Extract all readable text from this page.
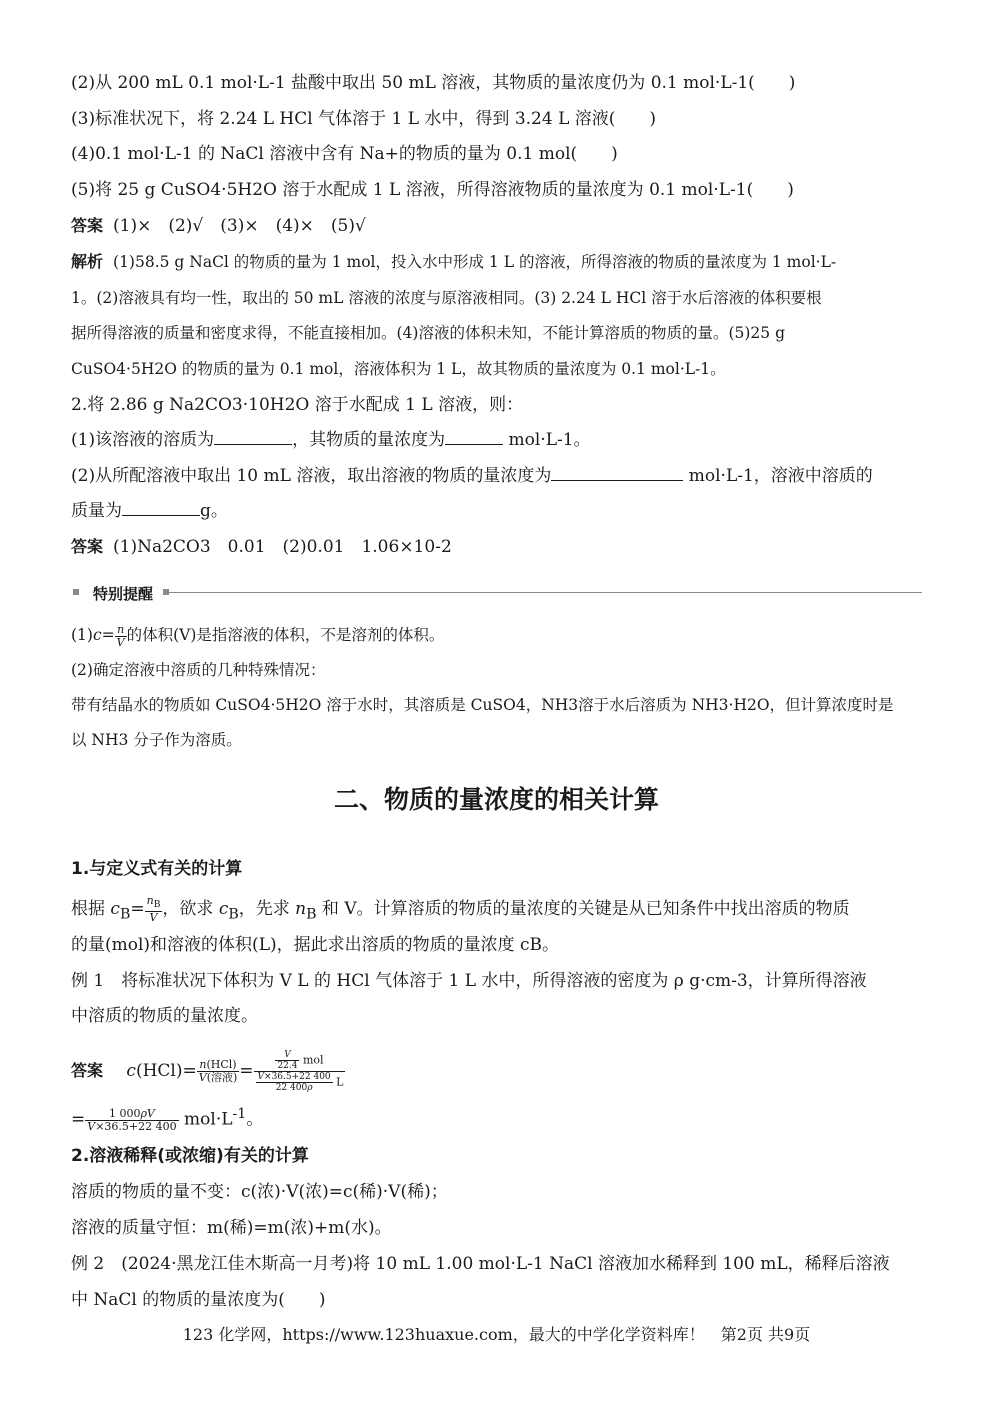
(2)从 200 mL 0.1 mol·L-1 盐酸中取出 50 mL 溶液，其物质的量浓度仍为 0.1 mol·L-1(　　)
(3)标准状况下，将 2.24 L HCl 气体溶于 1 L 水中，得到 3.24 L 溶液(　　)
(4)0.1 mol·L-1 的 NaCl 溶液中含有 Na+的物质的量为 0.1 mol(　　)
(5)将 25 g CuSO4·5H2O 溶于水配成 1 L 溶液，所得溶液物质的量浓度为 0.1 mol·L-1(　　)
答案 (1)×　(2)√　(3)×　(4)×　(5)√
解析 (1)58.5 g NaCl 的物质的量为 1 mol，投入水中形成 1 L 的溶液，所得溶液的物质的量浓度为 1 mol·L-
1。(2)溶液具有均一性，取出的 50 mL 溶液的浓度与原溶液相同。(3) 2.24 L HCl 溶于水后溶液的体积要根
据所得溶液的质量和密度求得，不能直接相加。(4)溶液的体积未知，不能计算溶质的物质的量。(5)25 g
CuSO4·5H2O 的物质的量为 0.1 mol，溶液体积为 1 L，故其物质的量浓度为 0.1 mol·L-1。
2.将 2.86 g Na2CO3·10H2O 溶于水配成 1 L 溶液，则：
(1)该溶液的溶质为	，其物质的量浓度为	mol·L-1。
(2)从所配溶液中取出 10 mL 溶液，取出溶液的物质的量浓度为	mol·L-1，溶液中溶质的
质量为	g。
答案 (1)Na2CO3　0.01　(2)0.01　1.06×10-2
特别提醒
$(1)c= \frac{n}{V}$ 的体积(V)是指溶液的体积，不是溶剂的体积。
(2)确定溶液中溶质的几种特殊情况：
带有结晶水的物质如 CuSO4·5H2O 溶于水时，其溶质是 CuSO4，NH3溶于水后溶质为 NH3·H2O，但计算浓度时是
以 NH3 分子作为溶质。
二、物质的量浓度的相关计算
1.与定义式有关的计算
根据 $c_B= \frac{n_B}{V}$ ，欲求 $c_B$，先求 $n_B$ 和 V。计算溶质的物质的量浓度的关键是从已知条件中找出溶质的物质
的量(mol)和溶液的体积(L)，据此求出溶质的物质的量浓度 cB。
例 1　将标准状况下体积为 V L 的 HCl 气体溶于 1 L 水中，所得溶液的密度为 ρ g·cm-3，计算所得溶液
中溶质的物质的量浓度。
答案 $c(HCl)= \frac{\text{n(HCl)}}{\text{V(溶液)}} = \frac{\frac{V}{22.4} mol}{\frac{V\times 36.5+22 400}{22 400\rho} L}$
= $\frac{1 000\rho V}{V\times 36.5+22 400} mol\cdot L^{-1}$。
2.溶液稀释(或浓缩)有关的计算
溶质的物质的量不变：c(浓)·V(浓)=c(稀)·V(稀)；
溶液的质量守恒：m(稀)=m(浓)+m(水)。
例 2　(2024·黑龙江佳木斯高一月考)将 10 mL 1.00 mol·L-1 NaCl 溶液加水稀释到 100 mL，稀释后溶液
中 NaCl 的物质的量浓度为(　　)
123 化学网，https://www.123huaxue.com，最大的中学化学资料库！　第2页 共9页
